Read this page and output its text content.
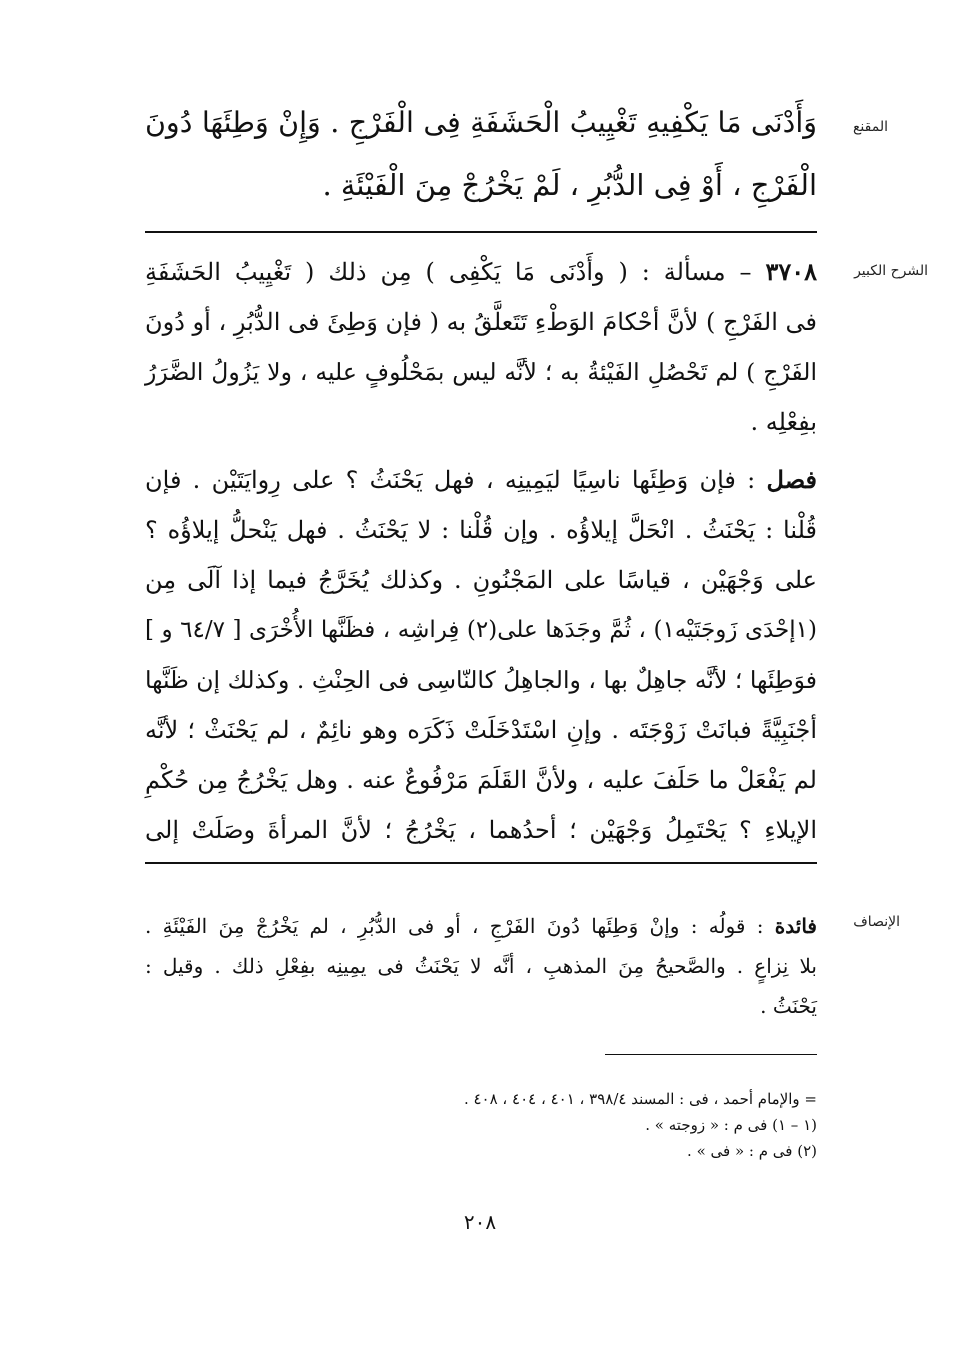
المقنع
الشرح الكبير
الإنصاف
وَأَدْنَى مَا يَكْفِيهِ تَغْيِيبُ الْحَشَفَةِ فِى الْفَرْجِ . وَإِنْ وَطِئَهَا دُونَ
الْفَرْجِ ، أَوْ فِى الدُّبُرِ ، لَمْ يَخْرُجْ مِنَ الْفَيْئَةِ .
٣٧٠٨ – مسألة : ( وأَدْنَى مَا يَكْفِى ) مِن ذلك ( تَغْيِيبُ الحَشَفَةِ
فى الفَرْجِ ) لأنَّ أحْكامَ الوَطْءِ تَتَعلَّقُ به ( فإن وَطِئَ فى الدُّبُرِ ، أو دُونَ
الفَرْجِ ) لم تَحْصُلِ الفَيْئةُ به ؛ لأنَّه ليس بمَحْلُوفٍ عليه ، ولا يَزُولُ الضَّرَرُ
بفِعْلِه .
فصل : فإن وَطِئَها ناسِيًا ليَمِينِه ، فهل يَحْنَثُ ؟ على رِوايَتَيْن . فإن
قُلْنا : يَحْنَثُ . انْحَلَّ إيلاؤُه . وإن قُلْنا : لا يَحْنَثُ . فهل يَنْحلُّ إيلاؤُه ؟
على وَجْهَيْن ، قياسًا على المَجْنُونِ . وكذلك يُخَرَّجُ فيما إذا آلَى مِن
(١إحْدَى زَوجَتَيْه١) ، ثُمَّ وجَدَها على(٢) فِراشِه ، فظَنَّها الأُخْرَى [ ٦٤/٧ و ]
فوَطِئَها ؛ لأنَّه جاهِلٌ بها ، والجاهِلُ كالنّاسِى فى الحِنْثِ . وكذلك إن ظَنَّها
أجْنَبِيَّةً فبانَتْ زَوْجَتَه . وإنِ اسْتَدْخَلَتْ ذَكَرَه وهو نائِمٌ ، لم يَحْنَثْ ؛ لأنَّه
لم يَفْعَلْ ما حَلَفَ عليه ، ولأنَّ القَلَمَ مَرْفُوعٌ عنه . وهل يَخْرُجُ مِن حُكْمِ
الإيلاءِ ؟ يَحْتَمِلُ وَجْهَيْن ؛ أحدُهما ، يَخْرُجُ ؛ لأنَّ المرأةَ وصَلَتْ إلى
فائدة : قولُه : وإنْ وَطِئَها دُونَ الفَرْجِ ، أو فى الدُّبُرِ ، لم يَخْرُجْ مِنَ الفَيْئَةِ .
بلا نِزاعٍ . والصَّحيحُ مِنَ المذهبِ ، أنَّه لا يَحْنَثُ فى يمِينِه بفِعْلِ ذلك . وقيل :
يَحْنَثُ .
= والإمام أحمد ، فى : المسند ٣٩٨/٤ ، ٤٠١ ، ٤٠٤ ، ٤٠٨ .
(١ – ١) فى م : « زوجته » .
(٢) فى م : « فى » .
٢٠٨
